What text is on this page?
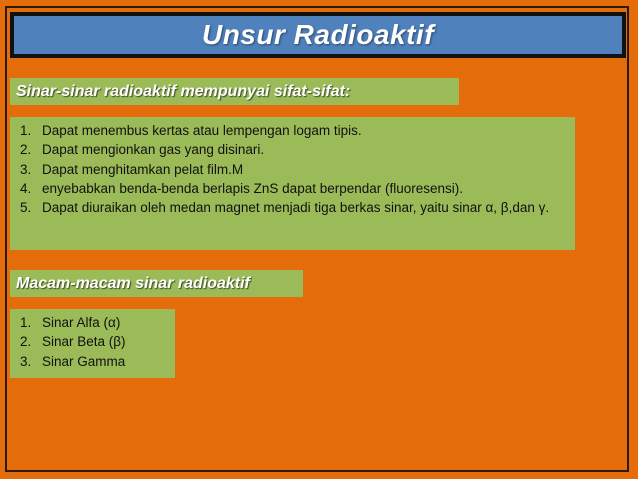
Unsur Radioaktif
Sinar-sinar radioaktif mempunyai sifat-sifat:
1. Dapat menembus kertas atau lempengan logam tipis.
2. Dapat mengionkan gas yang disinari.
3. Dapat menghitamkan pelat film.M
4. enyebabkan benda-benda berlapis ZnS dapat berpendar (fluoresensi).
5. Dapat diuraikan oleh medan magnet menjadi tiga berkas sinar, yaitu sinar α, β,dan γ.
Macam-macam sinar radioaktif
1. Sinar Alfa (α)
2. Sinar Beta (β)
3. Sinar Gamma
